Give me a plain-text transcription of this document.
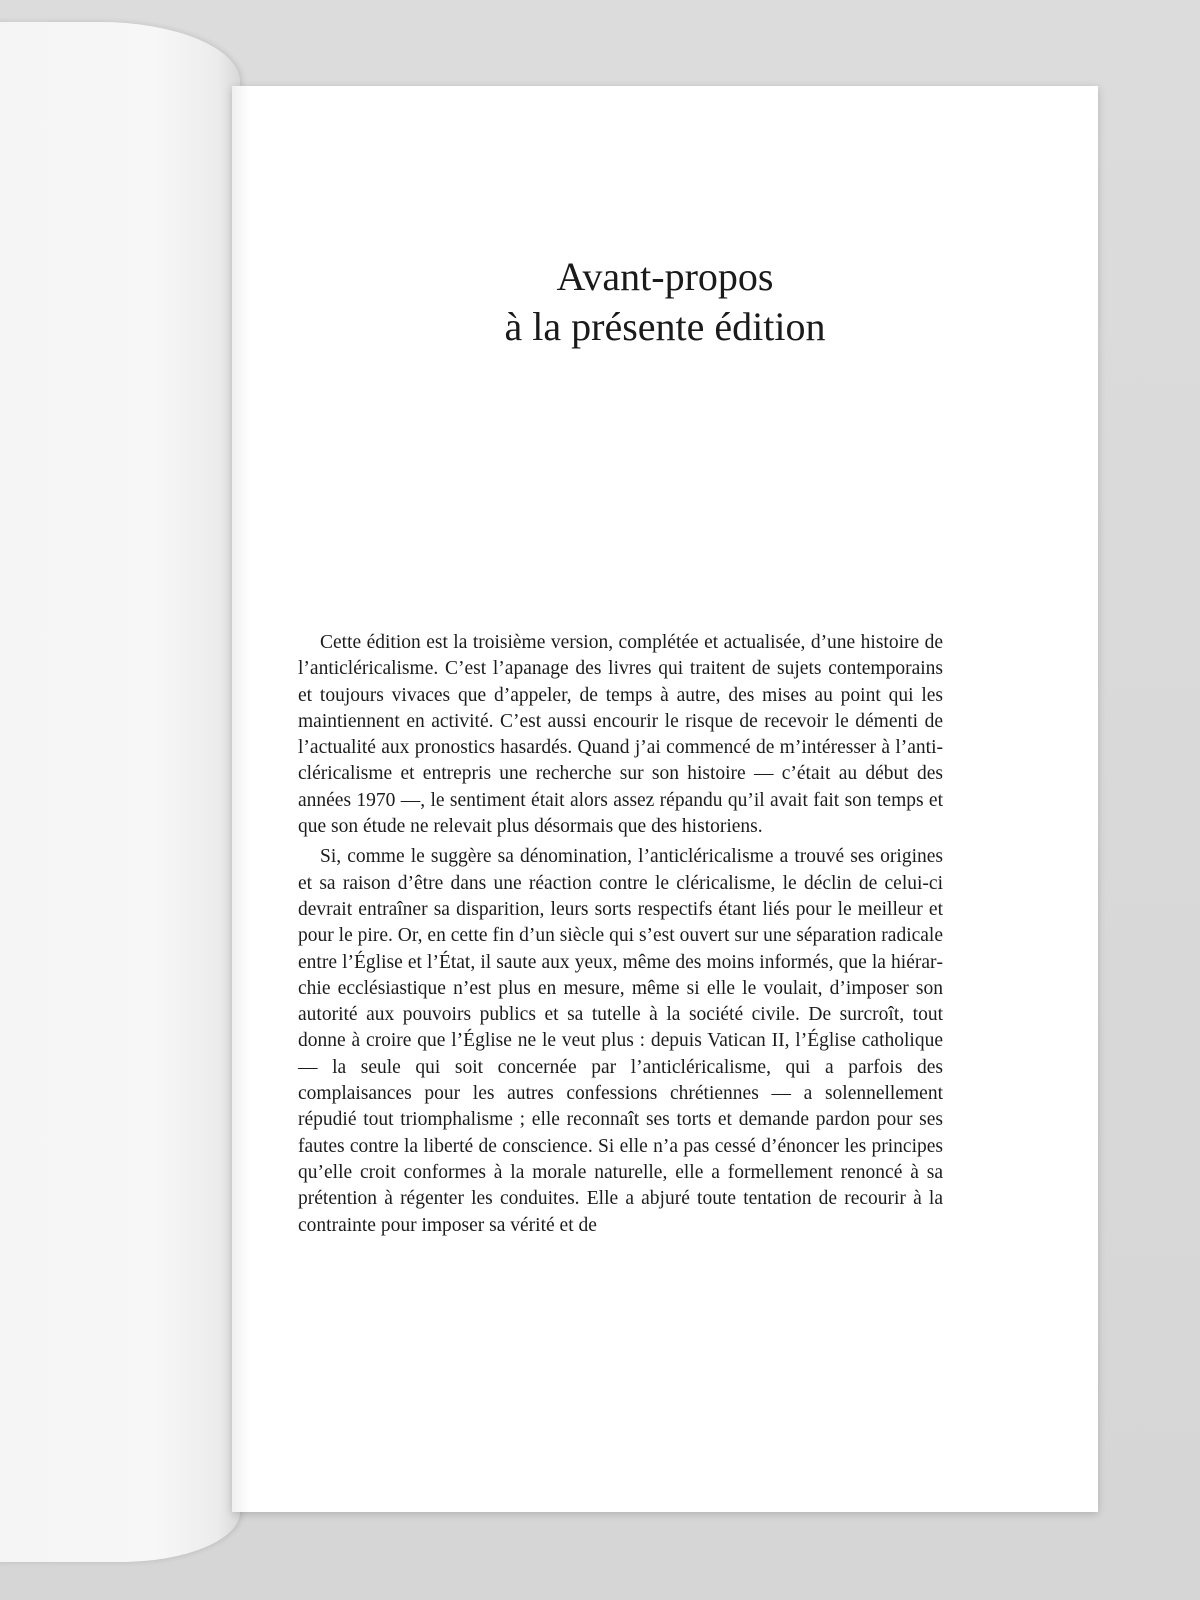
Avant-propos
à la présente édition

Cette édition est la troisième version, complétée et actualisée, d’une histoire de l’anticléricalisme. C’est l’apanage des livres qui traitent de sujets contemporains et toujours vivaces que d’appeler, de temps à autre, des mises au point qui les maintiennent en activité. C’est aussi encourir le risque de recevoir le démenti de l’actualité aux pronostics hasardés. Quand j’ai commencé de m’intéresser à l’anticléricalisme et entrepris une recherche sur son histoire — c’était au début des années 1970 —, le sentiment était alors assez répandu qu’il avait fait son temps et que son étude ne relevait plus désormais que des historiens.

Si, comme le suggère sa dénomination, l’anticléricalisme a trouvé ses origines et sa raison d’être dans une réaction contre le cléricalisme, le déclin de celui-ci devrait entraîner sa disparition, leurs sorts respectifs étant liés pour le meilleur et pour le pire. Or, en cette fin d’un siècle qui s’est ouvert sur une séparation radicale entre l’Église et l’État, il saute aux yeux, même des moins informés, que la hiérarchie ecclésiastique n’est plus en mesure, même si elle le voulait, d’imposer son autorité aux pouvoirs publics et sa tutelle à la société civile. De surcroît, tout donne à croire que l’Église ne le veut plus : depuis Vatican II, l’Église catholique — la seule qui soit concernée par l’anticléricalisme, qui a parfois des complaisances pour les autres confessions chrétiennes — a solennellement répudié tout triomphalisme ; elle reconnaît ses torts et demande pardon pour ses fautes contre la liberté de conscience. Si elle n’a pas cessé d’énoncer les principes qu’elle croit conformes à la morale naturelle, elle a formellement renoncé à sa prétention à régenter les conduites. Elle a abjuré toute tentation de recourir à la contrainte pour imposer sa vérité et de
